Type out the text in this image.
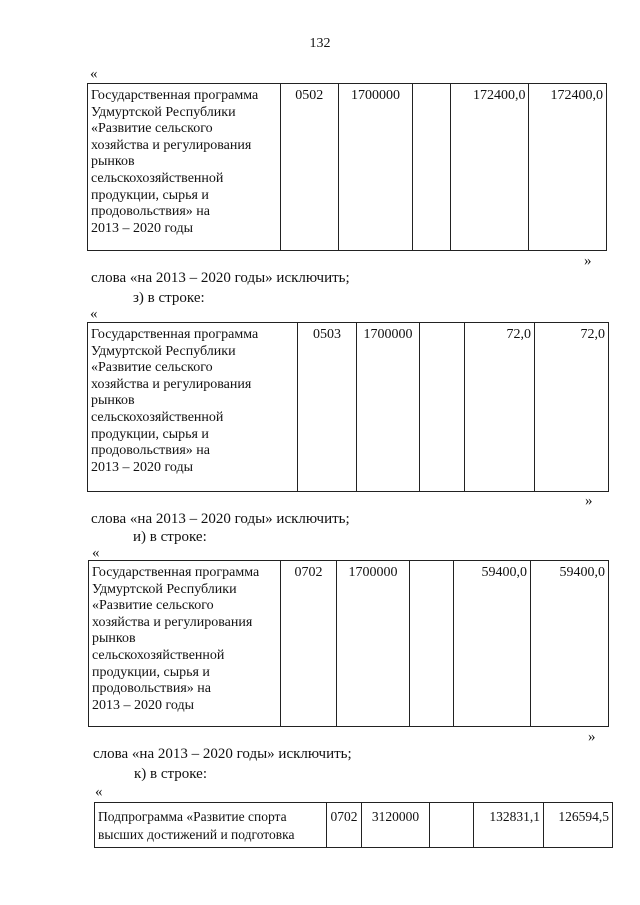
132
«
Государственная программа
Удмуртской Республики
«Развитие сельского
хозяйства и регулирования
рынков
сельскохозяйственной
продукции, сырья и
продовольствия» на
2013 – 2020 годы	0502	1700000		172400,0	172400,0
»
слова «на 2013 – 2020 годы» исключить;
з) в строке:
«
Государственная программа
Удмуртской Республики
«Развитие сельского
хозяйства и регулирования
рынков
сельскохозяйственной
продукции, сырья и
продовольствия» на
2013 – 2020 годы	0503	1700000		72,0	72,0
»
слова «на 2013 – 2020 годы» исключить;
и) в строке:
«
Государственная программа
Удмуртской Республики
«Развитие сельского
хозяйства и регулирования
рынков
сельскохозяйственной
продукции, сырья и
продовольствия» на
2013 – 2020 годы	0702	1700000		59400,0	59400,0
»
слова «на 2013 – 2020 годы» исключить;
к) в строке:
«
Подпрограмма «Развитие спорта
высших достижений и подготовка	0702	3120000		132831,1	126594,5
